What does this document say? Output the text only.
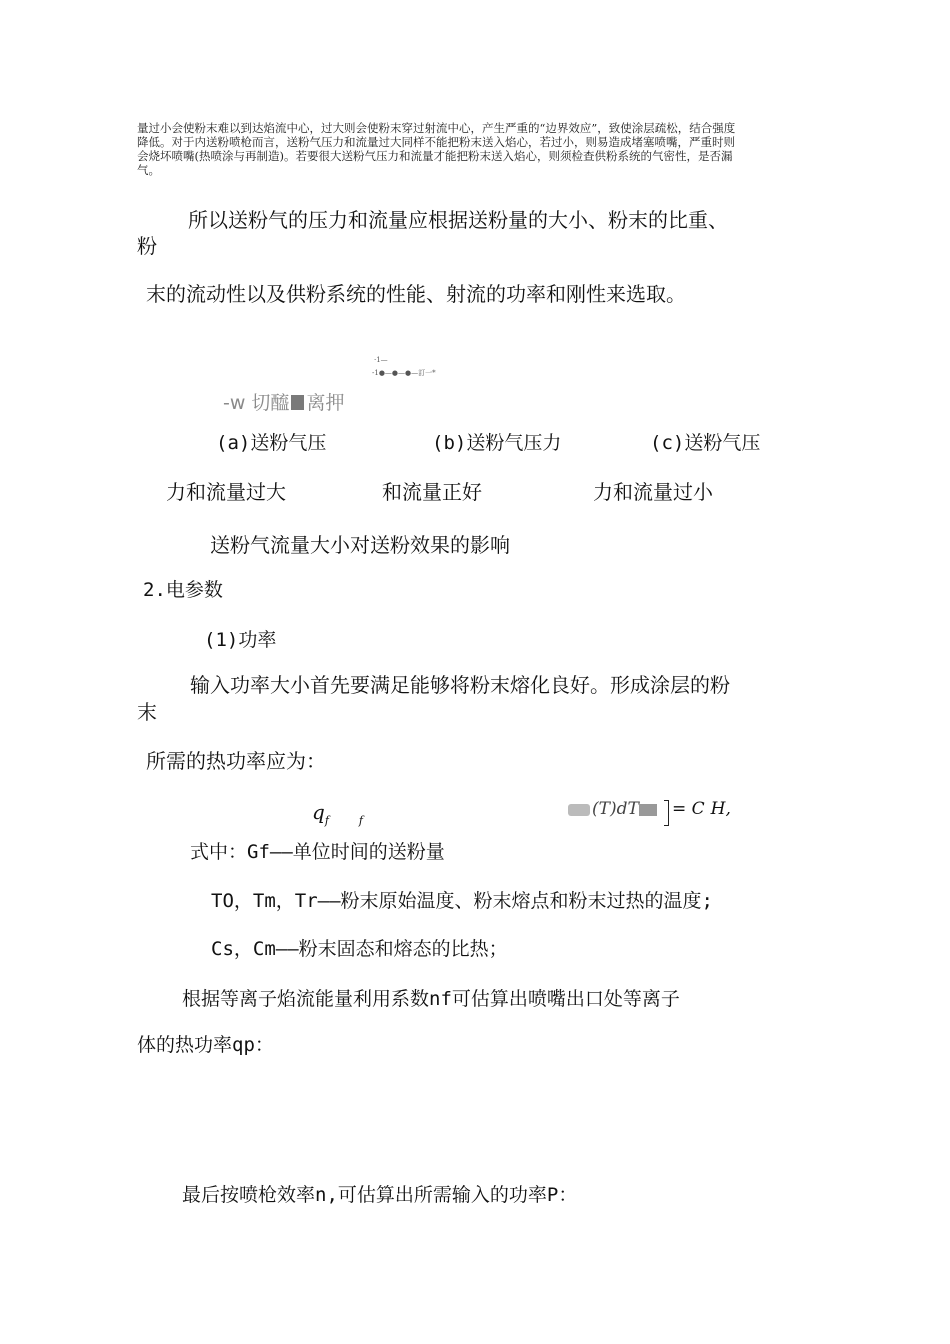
量过小会使粉末难以到达焰流中心，过大则会使粉末穿过射流中心，产生严重的“边界效应”，致使涂层疏松，结合强度
降低。对于内送粉喷枪而言，送粉气压力和流量过大同样不能把粉末送入焰心，若过小，则易造成堵塞喷嘴，严重时则
会烧坏喷嘴(热喷涂与再制造)。若要很大送粉气压力和流量才能把粉末送入焰心，则须检查供粉系统的气密性，是否漏
气。
所以送粉气的压力和流量应根据送粉量的大小、粉末的比重、
粉
末的流动性以及供粉系统的性能、射流的功率和刚性来选取。
·1—
-1●—●—●—訂一*
-w 切醯 离押
(a)送粉气压	(b)送粉气压力	(c)送粉气压
力和流量过大	和流量正好	力和流量过小
送粉气流量大小对送粉效果的影响
2.电参数
(1)功率
输入功率大小首先要满足能够将粉末熔化良好。形成涂层的粉
末
所需的热功率应为：
$q_f$	$_f$
(T)dT	= C H,
式中：Gf——单位时间的送粉量
TO，Tm，Tr——粉末原始温度、粉末熔点和粉末过热的温度;
Cs，Cm——粉末固态和熔态的比热；
根据等离子焰流能量利用系数nf可估算出喷嘴出口处等离子
体的热功率qp：
最后按喷枪效率n,可估算出所需输入的功率P：
